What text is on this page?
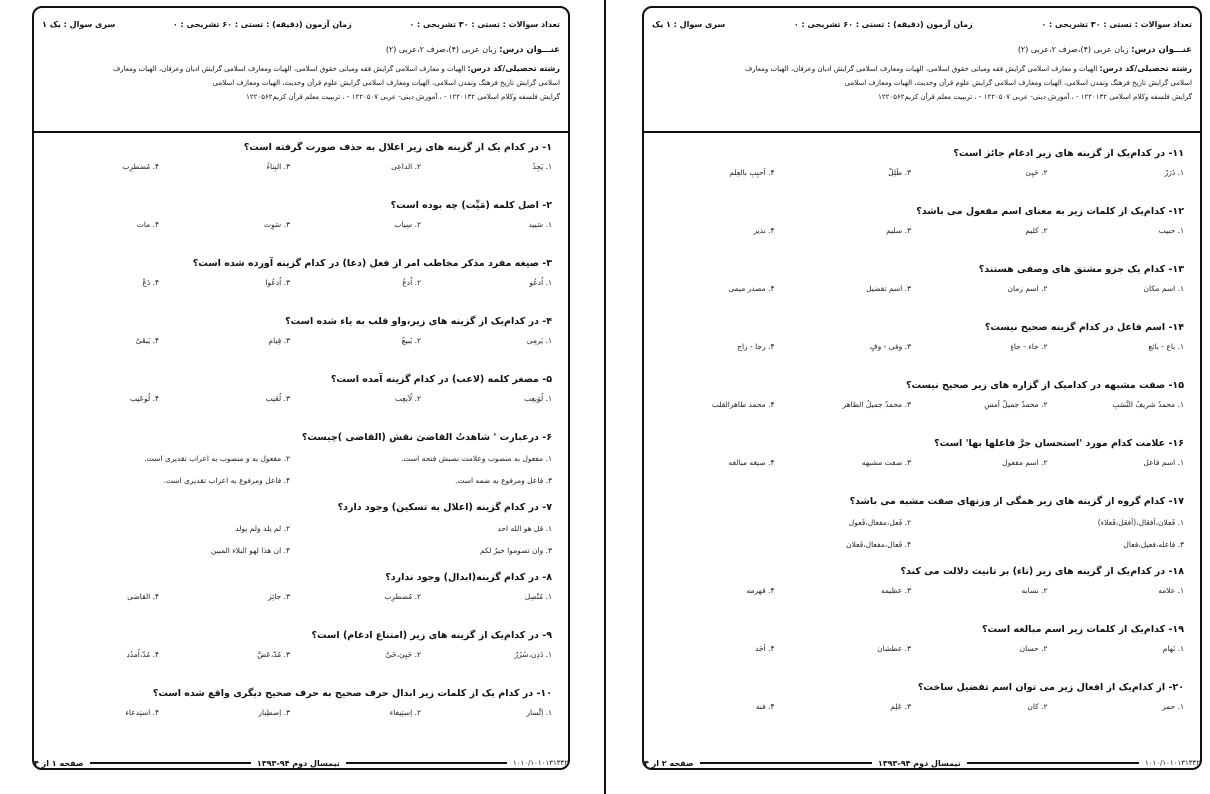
تعداد سوالات : تستی : ۳۰ تشریحی : ۰
زمان آزمون (دقیقه) : تستی : ۶۰ تشریحی : ۰
سری سوال : یک ۱
عنـــوان درس: زبان عربی (۴)،صرف ۲،عربی (۲)
رشته تحصیلی/کد درس: الهیات و معارف اسلامی گرایش فقه ومبانی حقوق اسلامی، الهیات ومعارف اسلامی گرایش ادیان وعرفان، الهیات ومعارف
اسلامی گرایش تاریخ فرهنگ وتمدن اسلامی، الهیات ومعارف اسلامی گرایش علوم قرآن وحدیث، الهیات ومعارف اسلامی
گرایش فلسفه وکلام اسلامی ۱۲۲۰۱۳۲ - ، آموزش دینی- عربی ۱۲۲۰۵۰۷ - ، ترببیت معلم قرآن کریم۱۲۲۰۵۶۲
۱- در کدام یک از گزینه های زیر اعلال به حذف صورت گرفته است؟
۱. یَجِدُ
۲. الداعِی
۳. البِناءُ
۴. مُضطرِب
۲- اصل کلمه (مَیِّت) چه بوده است؟
۱. سَیید
۲. سِیاب
۳. سَوِت
۴. مات
۳- صیغه مفرد مذکر مخاطب امر از فعل (دعا) در کدام گزینه آورده شده است؟
۱. اُدعُو
۲. اُدعُ
۳. اُدعُوا
۴. دَعْ
۴- در کدام‌یک از گزینه های زیر،واو قلب به یاء شده است؟
۱. یَرمِی
۲. یَبیعُ
۳. قِیام
۴. یَبقَیْ
۵- مصغر کلمه (لاعب) در کدام گزینه آمده است؟
۱. لُوَیعِب
۲. لُاَیعِب
۳. لُعَیب
۴. لُوعَیب
۶- درعبارت ' شاهدتُ القاضیَ نقش (القاضی )چیست؟
۱. مفعول به منصوب وعلامت نصبش فتحه است.
۲. مفعول به و منصوب به اعراب تقدیری است.
۳. فاعل ومرفوع به ضمه است.
۴. فاعل ومرفوع به اعراب تقدیری است.
۷- در کدام گزینه (اعلال به تسکین) وجود دارد؟
۱. قل هو الله احد
۲. لم یلد ولم یولد
۳. وان تصوموا خیرٌ لکم
۴. ان هذا لهو البلاء المبین
۸- در کدام گزینه(ابدال) وجود ندارد؟
۱. مُتّصِل
۲. مُضطرِب
۳. جائِز
۴. القاضی
۹- در کدام‌یک از گزینه های زیر (امتناع ادغام) است؟
۱. دَدِن،سُرُرٌ
۲. حَیِیَ،حَیَّ
۳. مُدّ،عَضَّ
۴. مُدّ،اُمدُد
۱۰- در کدام یک از کلمات زیر ابدال حرف صحیح به حرف صحیح دیگری واقع شده است؟
۱. اِتِّسار
۲. اِستِیفاء
۳. اِصطِبار
۴. استِدعاء
۱۰۱۰/۱۰۱۰۱۳۱۳۴۲
نیمسال دوم ۹۴-۱۳۹۳
صفحه ۱ از ۴
تعداد سوالات : تستی : ۳۰ تشریحی : ۰
زمان آزمون (دقیقه) : تستی : ۶۰ تشریحی : ۰
سری سوال : ۱ یک
عنـــوان درس: زبان عربی (۴)،صرف ۲،عربی (۲)
رشته تحصیلی/کد درس: الهیات و معارف اسلامی گرایش فقه ومبانی حقوق اسلامی، الهیات ومعارف اسلامی گرایش ادیان وعرفان، الهیات ومعارف
اسلامی گرایش تاریخ فرهنگ وتمدن اسلامی، الهیات ومعارف اسلامی گرایش علوم قرآن وحدیث، الهیات ومعارف اسلامی
گرایش فلسفه وکلام اسلامی ۱۲۲۰۱۳۲ - ، آموزش دینی- عربی ۱۲۲۰۵۰۷ - ، ترببیت معلم قرآن کریم۱۲۲۰۵۶۲
۱۱- در کدام‌یک از گزینه های زیر ادغام جائز است؟
۱. ذَرَرٌ
۲. حَیِیَ
۳. ظَلِلْ
۴. اَحبِبِ بالعِلم
۱۲- کدام‌یک از کلمات زیر به معنای اسم مفعول می باشد؟
۱. حبیب
۲. کلیم
۳. سلیم
۴. نذیر
۱۳- کدام یک جزو مشتق های وصفی هستند؟
۱. اسم مکان
۲. اسم زمان
۳. اسم تفضیل
۴. مصدر میمی
۱۴- اسم فاعل در کدام گزینه صحیح نیست؟
۱. باع - بائع
۲. جاء - جاءٍ
۳. وفی - وفٍ
۴. رجا - راج
۱۵- صفت مشبهه در کدامیک از گزاره های زیر صحیح نیست؟
۱. محمدٌ شریفُ النَّسَبِ
۲. محمدٌ جمیلٌ اَمسِ
۳. محمدٌ جمیلُ الظاهر
۴. محمد طاهرالقلب
۱۶- علامت کدام مورد 'استحسان جرَّ فاعلها بها' است؟
۱. اسم فاعل
۲. اسم مفعول
۳. صفت مشبهه
۴. صیغه مبالغه
۱۷- کدام گروه از گزینه های زیر همگی از وزنهای صفت مشبه می باشد؟
۱. فَعلان،اَفعَال،(اَفعَل،فَعلاء)
۲. فَعل،مفعال،فَعول
۳. فاعله،فعیل،فعال
۴. فَعال،مفعال،فَعلان
۱۸- در کدام‌یک از گزینه های زیر (تاء) بر تانیث دلالت می کند؟
۱. علامه
۲. نسابه
۳. عظیمه
۴. قهرمه
۱۹- کدام‌یک از کلمات زیر اسم مبالغه است؟
۱. نَهام
۲. حسان
۳. عطشان
۴. اَحَد
۲۰- از کدام‌یک از افعال زیر می توان اسم تفضیل ساخت؟
۱. حمر
۲. کان
۳. عَلِم
۴. فنه
۱۰۱۰/۱۰۱۰۱۳۱۳۴۲
نیمسال دوم ۹۴-۱۳۹۳
صفحه ۲ از ۴
